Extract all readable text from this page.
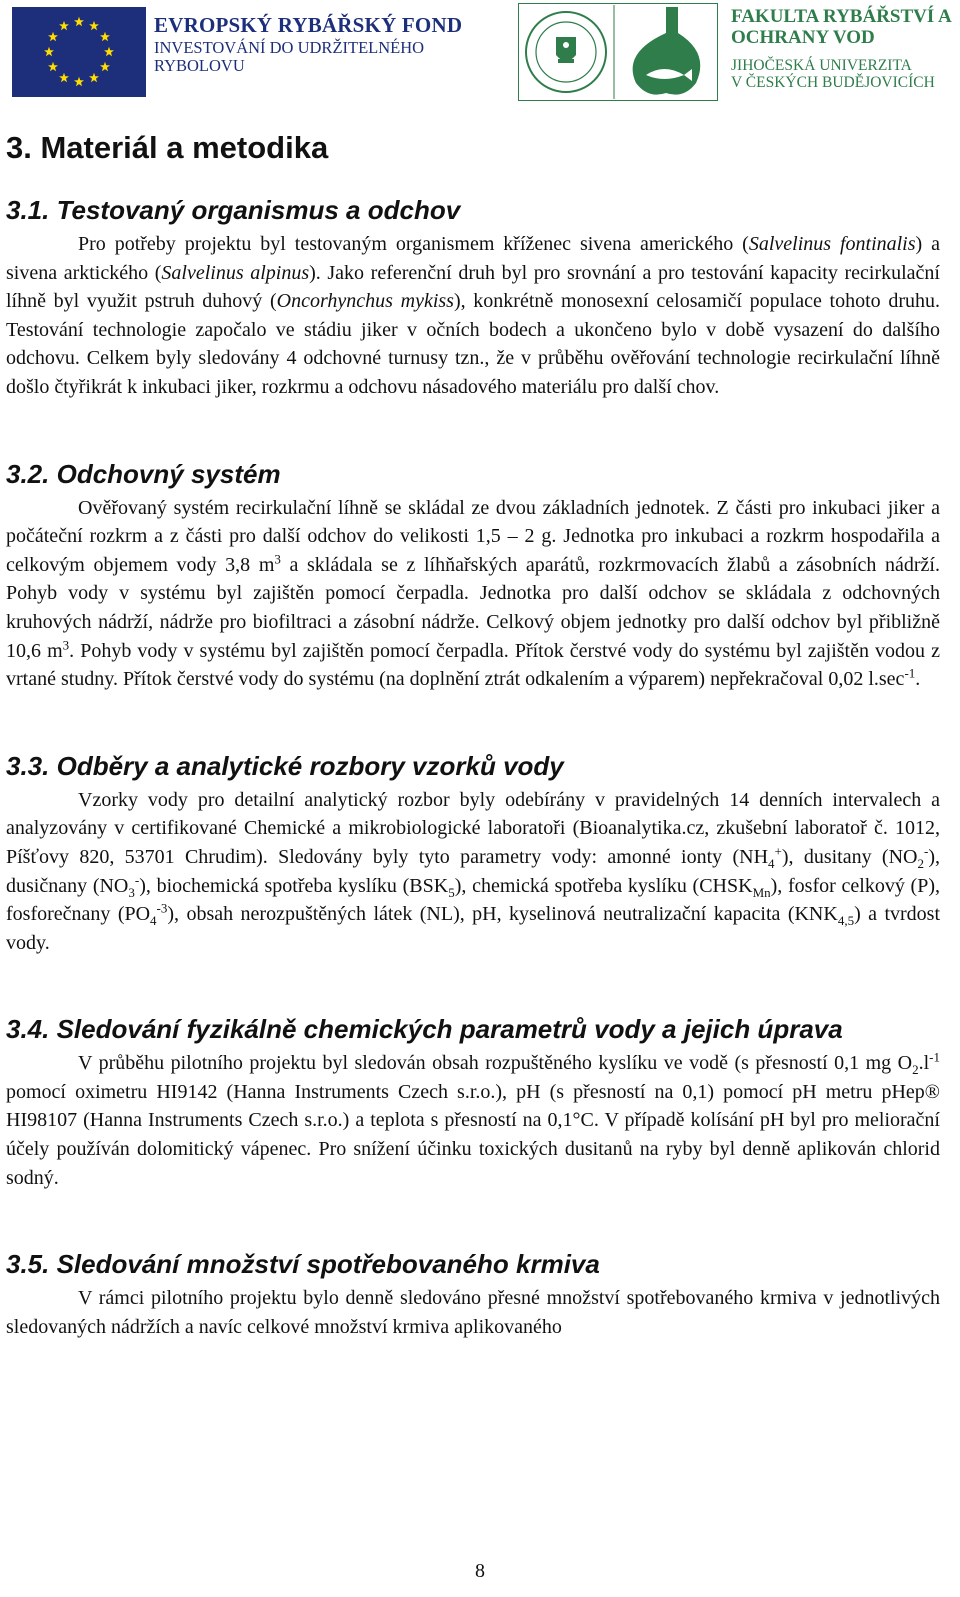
EVROPSKÝ RYBÁŘSKÝ FOND
INVESTOVÁNÍ DO UDRŽITELNÉHO
RYBOLOVU
FAKULTA RYBÁŘSTVÍ A
OCHRANY VOD
JIHOČESKÁ UNIVERZITA
V ČESKÝCH BUDĚJOVICÍCH
3. Materiál a metodika
3.1. Testovaný organismus a odchov

Pro potřeby projektu byl testovaným organismem kříženec sivena amerického (Salvelinus fontinalis) a sivena arktického (Salvelinus alpinus). Jako referenční druh byl pro srovnání a pro testování kapacity recirkulační líhně byl využit pstruh duhový (Oncorhynchus mykiss), konkrétně monosexní celosamičí populace tohoto druhu. Testování technologie započalo ve stádiu jiker v očních bodech a ukončeno bylo v době vysazení do dalšího odchovu. Celkem byly sledovány 4 odchovné turnusy tzn., že v průběhu ověřování technologie recirkulační líhně došlo čtyřikrát k inkubaci jiker, rozkrmu a odchovu násadového materiálu pro další chov.

3.2. Odchovný systém

Ověřovaný systém recirkulační líhně se skládal ze dvou základních jednotek. Z části pro inkubaci jiker a počáteční rozkrm a z části pro další odchov do velikosti 1,5 – 2 g. Jednotka pro inkubaci a rozkrm hospodařila a celkovým objemem vody 3,8 $m^3$ a skládala se z líhňařských aparátů, rozkrmovacích žlabů a zásobních nádrží. Pohyb vody v systému byl zajištěn pomocí čerpadla. Jednotka pro další odchov se skládala z odchovných kruhových nádrží, nádrže pro biofiltraci a zásobní nádrže. Celkový objem jednotky pro další odchov byl přibližně 10,6 $m^3$. Pohyb vody v systému byl zajištěn pomocí čerpadla. Přítok čerstvé vody do systému byl zajištěn vodou z vrtané studny. Přítok čerstvé vody do systému (na doplnění ztrát odkalením a výparem) nepřekračoval 0,02 $l.\sec^{-1}$.

3.3. Odběry a analytické rozbory vzorků vody

Vzorky vody pro detailní analytický rozbor byly odebírány v pravidelných 14 denních intervalech a analyzovány v certifikované Chemické a mikrobiologické laboratoři (Bioanalytika.cz, zkušební laboratoř č. 1012, Píšťovy 820, 53701 Chrudim). Sledovány byly tyto parametry vody: amonné ionty $(NH_4^+)$, dusitany $(NO_2^-)$, dusičnany $(NO_3^-)$, biochemická spotřeba kyslíku $(BSK_5)$, chemická spotřeba kyslíku $(CHSK_{Mn})$, fosfor celkový (P), fosforečnany $(PO_4^{-3})$, obsah nerozpuštěných látek (NL), pH, kyselinová neutralizační kapacita $(KNK_{4,5})$ a tvrdost vody.

3.4. Sledování fyzikálně chemických parametrů vody a jejich úprava

V průběhu pilotního projektu byl sledován obsah rozpuštěného kyslíku ve vodě (s přesností 0,1 mg $O_2.l^{-1}$ pomocí oximetru HI9142 (Hanna Instruments Czech s.r.o.), pH (s přesností na 0,1) pomocí pH metru pHep® HI98107 (Hanna Instruments Czech s.r.o.) a teplota s přesností na 0,1°C. V případě kolísání pH byl pro meliorační účely používán dolomitický vápenec. Pro snížení účinku toxických dusitanů na ryby byl denně aplikován chlorid sodný.

3.5. Sledování množství spotřebovaného krmiva

V rámci pilotního projektu bylo denně sledováno přesné množství spotřebovaného krmiva v jednotlivých sledovaných nádržích a navíc celkové množství krmiva aplikovaného

8
